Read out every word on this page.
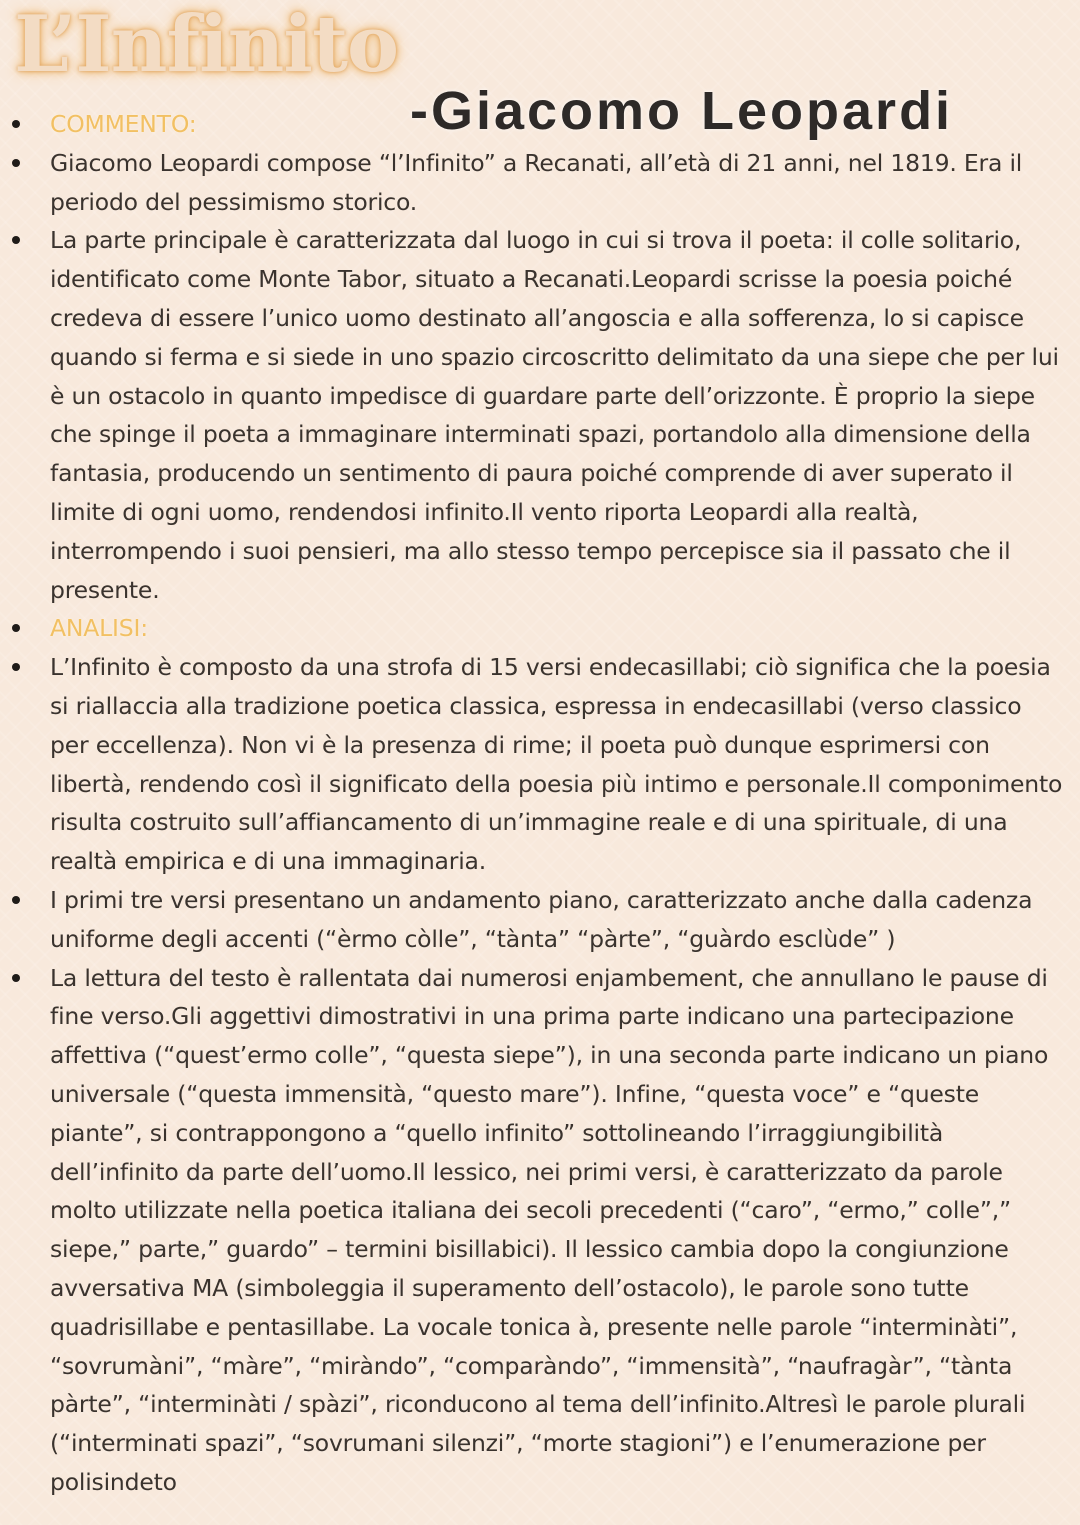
L’Infinito
-Giacomo Leopardi
COMMENTO:
Giacomo Leopardi compose “l’Infinito” a Recanati, all’età di 21 anni, nel 1819. Era il periodo del pessimismo storico.
La parte principale è caratterizzata dal luogo in cui si trova il poeta: il colle solitario, identificato come Monte Tabor, situato a Recanati.Leopardi scrisse la poesia poiché credeva di essere l’unico uomo destinato all’angoscia e alla sofferenza, lo si capisce quando si ferma e si siede in uno spazio circoscritto delimitato da una siepe che per lui è un ostacolo in quanto impedisce di guardare parte dell’orizzonte. È proprio la siepe che spinge il poeta a immaginare interminati spazi, portandolo alla dimensione della fantasia, producendo un sentimento di paura poiché comprende di aver superato il limite di ogni uomo, rendendosi infinito.Il vento riporta Leopardi alla realtà, interrompendo i suoi pensieri, ma allo stesso tempo percepisce sia il passato che il presente.
ANALISI:
L’Infinito è composto da una strofa di 15 versi endecasillabi; ciò significa che la poesia si riallaccia alla tradizione poetica classica, espressa in endecasillabi (verso classico per eccellenza). Non vi è la presenza di rime; il poeta può dunque esprimersi con libertà, rendendo così il significato della poesia più intimo e personale.Il componimento risulta costruito sull’affiancamento di un’immagine reale e di una spirituale, di una realtà empirica e di una immaginaria.
I primi tre versi presentano un andamento piano, caratterizzato anche dalla cadenza uniforme degli accenti (“èrmo còlle”, “tànta” “pàrte”, “guàrdo esclùde” )
La lettura del testo è rallentata dai numerosi enjambement, che annullano le pause di fine verso.Gli aggettivi dimostrativi in una prima parte indicano una partecipazione affettiva (“quest’ermo colle”, “questa siepe”), in una seconda parte indicano un piano universale (“questa immensità, “questo mare”). Infine, “questa voce” e “queste piante”, si contrappongono a “quello infinito” sottolineando l’irraggiungibilità dell’infinito da parte dell’uomo.Il lessico, nei primi versi, è caratterizzato da parole molto utilizzate nella poetica italiana dei secoli precedenti (“caro”, “ermo,” colle”,” siepe,” parte,” guardo” – termini bisillabici). Il lessico cambia dopo la congiunzione avversativa MA (simboleggia il superamento dell’ostacolo), le parole sono tutte quadrisillabe e pentasillabe. La vocale tonica à, presente nelle parole “interminàti”, “sovrumàni”, “màre”, “miràndo”, “comparàndo”, “immensità”, “naufragàr”, “tànta pàrte”, “interminàti / spàzi”, riconducono al tema dell’infinito.Altresì le parole plurali (“interminati spazi”, “sovrumani silenzi”, “morte stagioni”) e l’enumerazione per polisindeto
